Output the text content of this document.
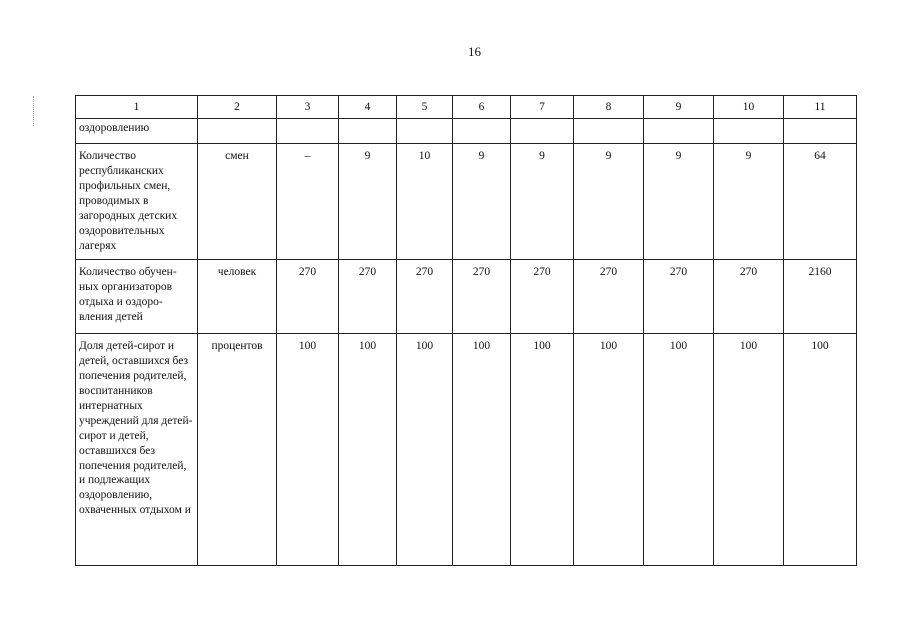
16
1	2	3	4	5	6	7	8	9	10	11
оздоровлению										
Количество республиканских профильных смен, проводимых в загородных детских оздоровительных лагерях	смен	–	9	10	9	9	9	9	9	64
Количество обучен-ных организаторов отдыха и оздоро-вления детей	человек	270	270	270	270	270	270	270	270	2160
Доля детей-сирот и детей, оставшихся без попечения родителей, воспитанников интернатных учреждений для детей-сирот и детей, оставшихся без попечения родителей, и подлежащих оздоровлению, охваченных отдыхом и	процентов	100	100	100	100	100	100	100	100	100
